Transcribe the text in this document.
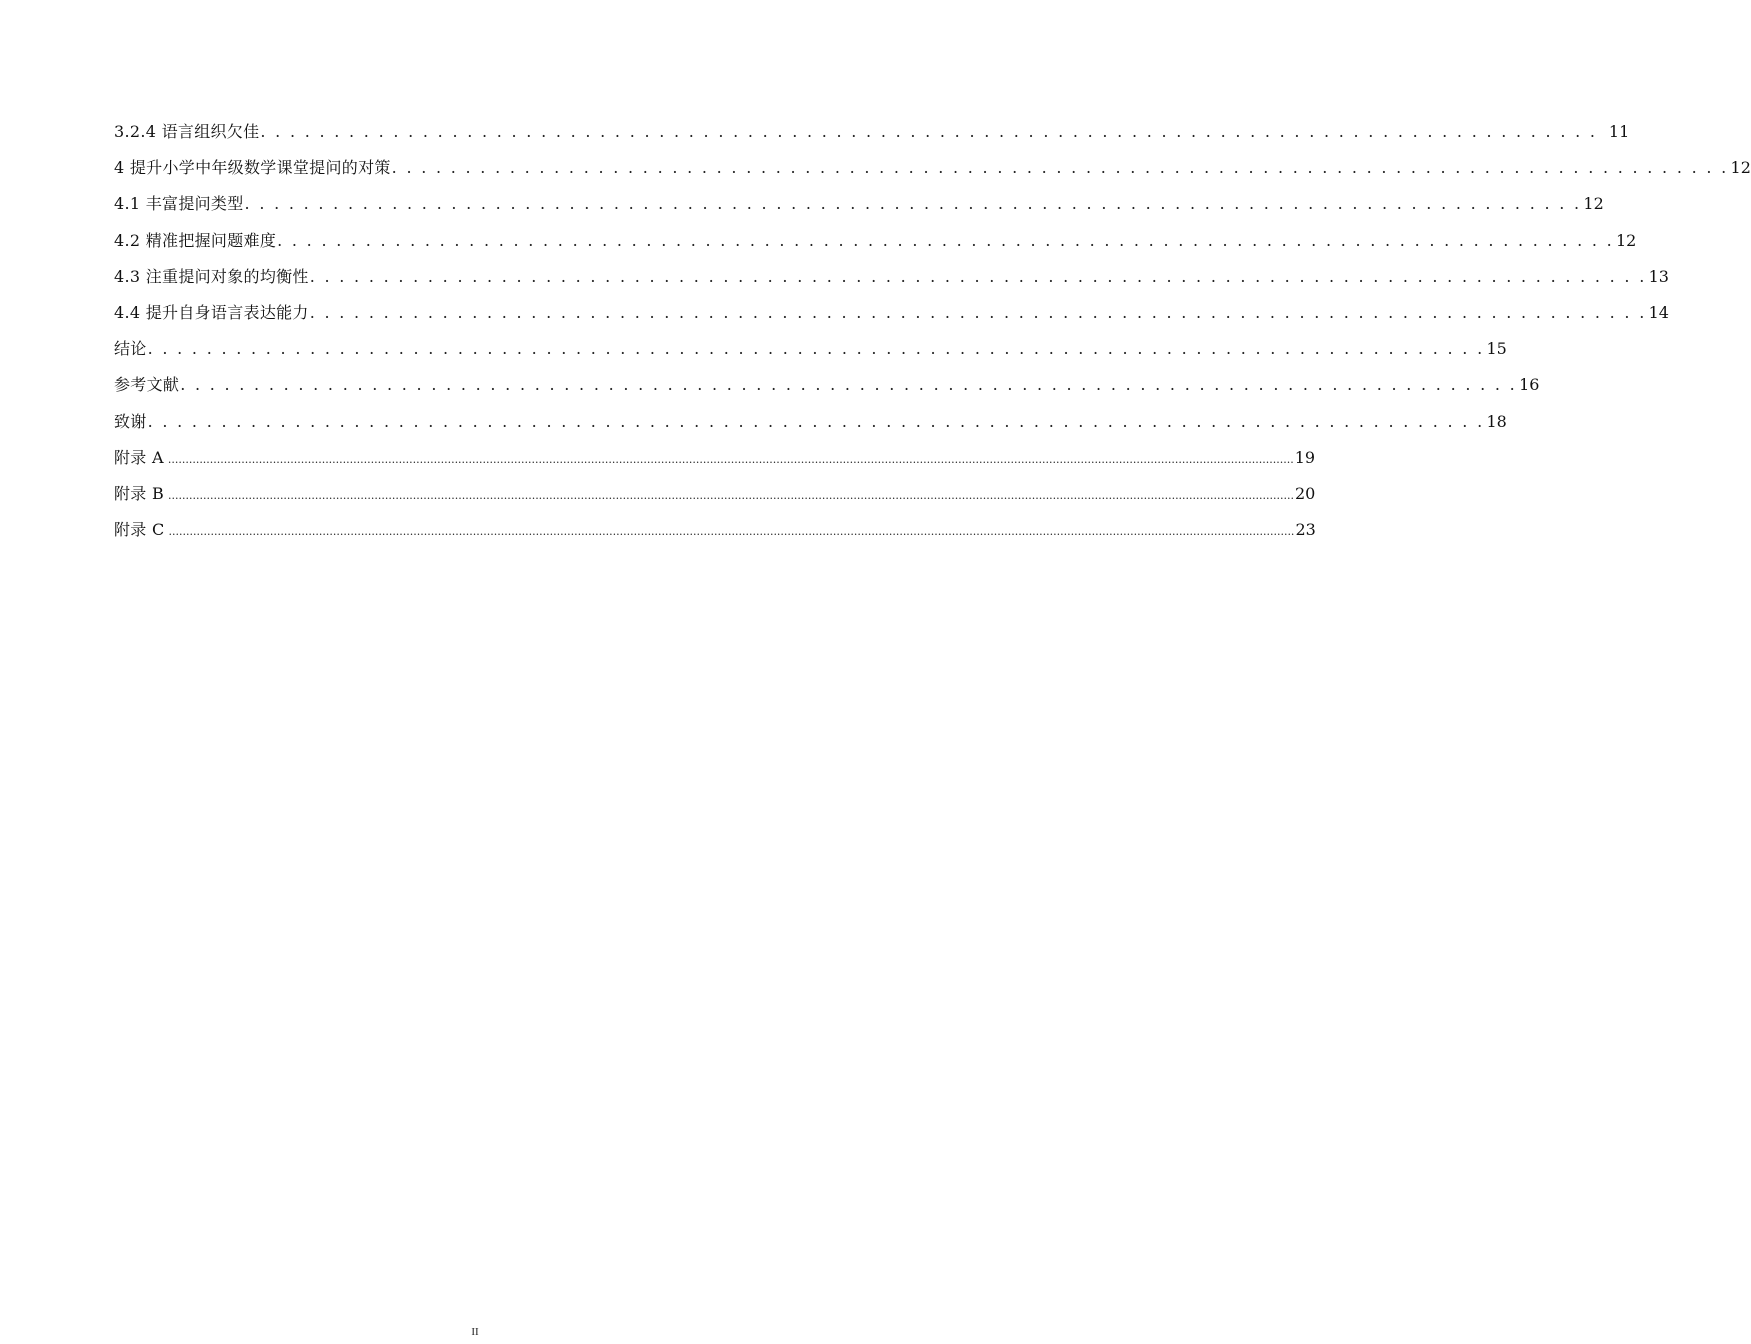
3.2.4 语言组织欠佳 . . . . . . . . . . . . . . . . . . . . . . . . . . . . . . . . . . . . . . . . . . . . . . . . . . . . . . . . . . . . . . . . . . . . . . . . . . . . . . . . . . . . . . . . . . . 11
4 提升小学中年级数学课堂提问的对策 . . . . . . . . . . . . . . . . . . . . . . . . . . . . . . . . . . . . . . . . . . . . . . . . . . . . . . . . . . . . . . . . . . . . . . . . . . . . . . . . . . . . . . . . . . . 12
4.1 丰富提问类型 . . . . . . . . . . . . . . . . . . . . . . . . . . . . . . . . . . . . . . . . . . . . . . . . . . . . . . . . . . . . . . . . . . . . . . . . . . . . . . . . . . . . . . . . . . . 12
4.2 精准把握问题难度 . . . . . . . . . . . . . . . . . . . . . . . . . . . . . . . . . . . . . . . . . . . . . . . . . . . . . . . . . . . . . . . . . . . . . . . . . . . . . . . . . . . . . . . . . . . 12
4.3 注重提问对象的均衡性 . . . . . . . . . . . . . . . . . . . . . . . . . . . . . . . . . . . . . . . . . . . . . . . . . . . . . . . . . . . . . . . . . . . . . . . . . . . . . . . . . . . . . . . . . . . 13
4.4 提升自身语言表达能力 . . . . . . . . . . . . . . . . . . . . . . . . . . . . . . . . . . . . . . . . . . . . . . . . . . . . . . . . . . . . . . . . . . . . . . . . . . . . . . . . . . . . . . . . . . . 14
结论 . . . . . . . . . . . . . . . . . . . . . . . . . . . . . . . . . . . . . . . . . . . . . . . . . . . . . . . . . . . . . . . . . . . . . . . . . . . . . . . . . . . . . . . . . . . 15
参考文献 . . . . . . . . . . . . . . . . . . . . . . . . . . . . . . . . . . . . . . . . . . . . . . . . . . . . . . . . . . . . . . . . . . . . . . . . . . . . . . . . . . . . . . . . . . . 16
致谢 . . . . . . . . . . . . . . . . . . . . . . . . . . . . . . . . . . . . . . . . . . . . . . . . . . . . . . . . . . . . . . . . . . . . . . . . . . . . . . . . . . . . . . . . . . . 18
附录 A .................................................................................................................................................................................................................................................................................................................................. 19
附录 B .................................................................................................................................................................................................................................................................................................................................. 20
附录 C .................................................................................................................................................................................................................................................................................................................................. 23
II
